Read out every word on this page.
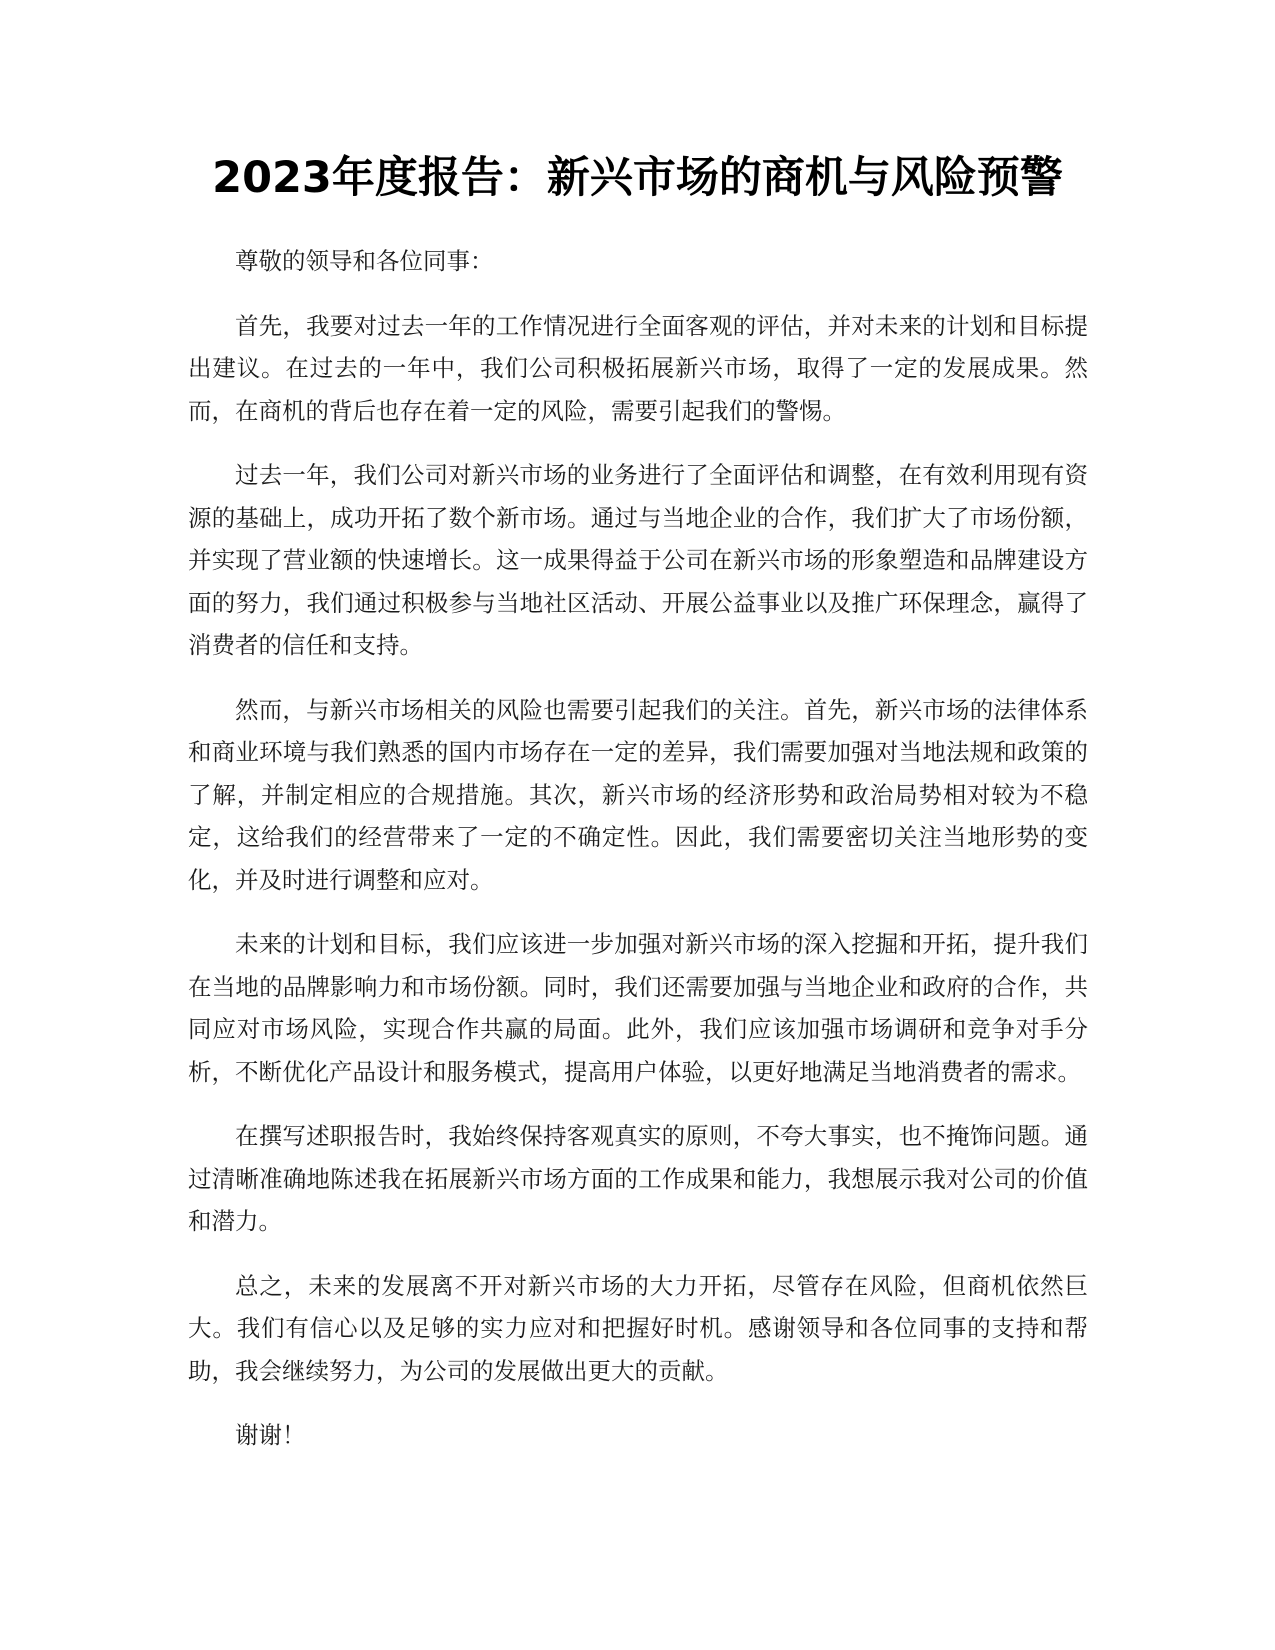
2023年度报告：新兴市场的商机与风险预警

尊敬的领导和各位同事：

首先，我要对过去一年的工作情况进行全面客观的评估，并对未来的计划和目标提出建议。在过去的一年中，我们公司积极拓展新兴市场，取得了一定的发展成果。然而，在商机的背后也存在着一定的风险，需要引起我们的警惕。

过去一年，我们公司对新兴市场的业务进行了全面评估和调整，在有效利用现有资源的基础上，成功开拓了数个新市场。通过与当地企业的合作，我们扩大了市场份额，并实现了营业额的快速增长。这一成果得益于公司在新兴市场的形象塑造和品牌建设方面的努力，我们通过积极参与当地社区活动、开展公益事业以及推广环保理念，赢得了消费者的信任和支持。

然而，与新兴市场相关的风险也需要引起我们的关注。首先，新兴市场的法律体系和商业环境与我们熟悉的国内市场存在一定的差异，我们需要加强对当地法规和政策的了解，并制定相应的合规措施。其次，新兴市场的经济形势和政治局势相对较为不稳定，这给我们的经营带来了一定的不确定性。因此，我们需要密切关注当地形势的变化，并及时进行调整和应对。

未来的计划和目标，我们应该进一步加强对新兴市场的深入挖掘和开拓，提升我们在当地的品牌影响力和市场份额。同时，我们还需要加强与当地企业和政府的合作，共同应对市场风险，实现合作共赢的局面。此外，我们应该加强市场调研和竞争对手分析，不断优化产品设计和服务模式，提高用户体验，以更好地满足当地消费者的需求。

在撰写述职报告时，我始终保持客观真实的原则，不夸大事实，也不掩饰问题。通过清晰准确地陈述我在拓展新兴市场方面的工作成果和能力，我想展示我对公司的价值和潜力。

总之，未来的发展离不开对新兴市场的大力开拓，尽管存在风险，但商机依然巨大。我们有信心以及足够的实力应对和把握好时机。感谢领导和各位同事的支持和帮助，我会继续努力，为公司的发展做出更大的贡献。

谢谢！
